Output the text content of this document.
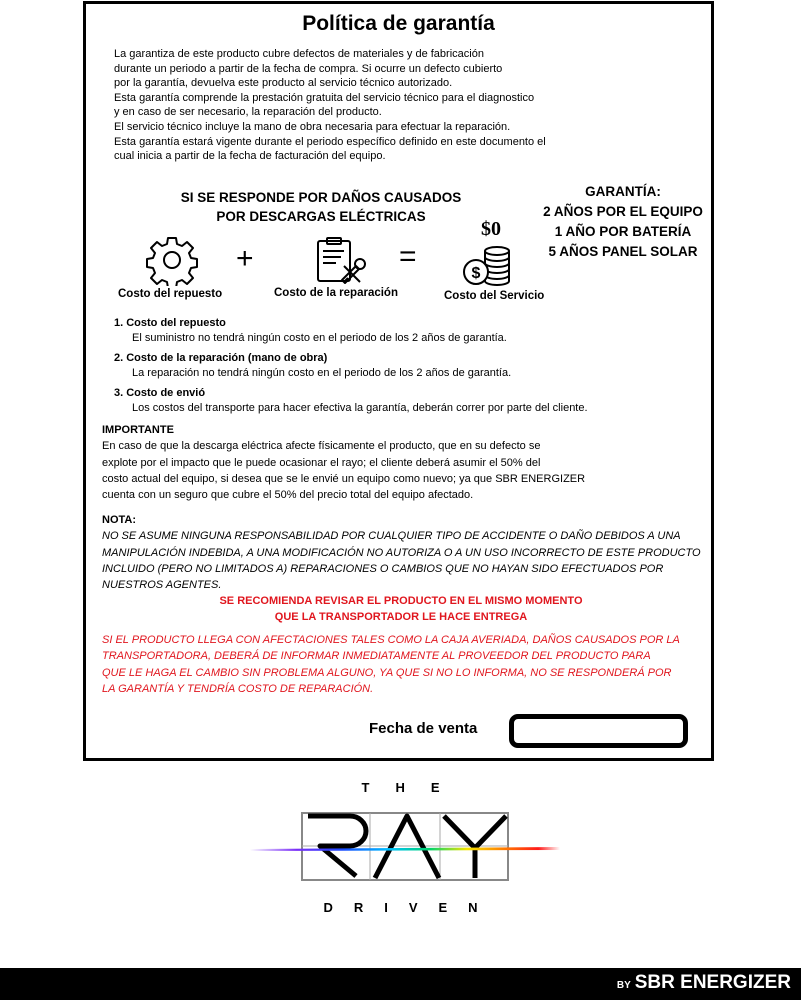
Política de garantía
La garantiza de este producto cubre defectos de materiales y de fabricación
durante un periodo a partir de la fecha de compra. Si ocurre un defecto cubierto
por la garantía, devuelva este producto al servicio técnico autorizado.
Esta garantía comprende la prestación gratuita del servicio técnico para el diagnostico
y en caso de ser necesario, la reparación del producto.
El servicio técnico incluye la mano de obra necesaria para efectuar la reparación.
Esta garantía estará vigente durante el periodo específico definido en este documento el
cual inicia a partir de la fecha de facturación del equipo.
SI SE RESPONDE POR DAÑOS CAUSADOS
POR DESCARGAS ELÉCTRICAS
GARANTÍA:
2 AÑOS POR EL EQUIPO
1 AÑO POR BATERÍA
5 AÑOS PANEL SOLAR
+	=
$0
$
Costo del repuesto	Costo de la reparación	Costo del Servicio
1. Costo del repuesto
El suministro no tendrá ningún costo en el periodo de los 2 años de garantía.
2. Costo de la reparación (mano de obra)
La reparación no tendrá ningún costo en el periodo de los 2 años de garantía.
3. Costo de envió
Los costos del transporte para hacer efectiva la garantía, deberán correr por parte del cliente.
IMPORTANTE
En caso de que la descarga eléctrica afecte físicamente el producto, que en su defecto se
explote por el impacto que le puede ocasionar el rayo; el cliente deberá asumir el 50% del
costo actual del equipo, si desea que se le envié un equipo como nuevo; ya que SBR ENERGIZER
cuenta con un seguro que cubre el 50% del precio total del equipo afectado.
NOTA:
NO SE ASUME NINGUNA RESPONSABILIDAD POR CUALQUIER TIPO DE ACCIDENTE O DAÑO DEBIDOS A UNA
MANIPULACIÓN INDEBIDA, A UNA MODIFICACIÓN NO AUTORIZA O A UN USO INCORRECTO DE ESTE PRODUCTO
INCLUIDO (PERO NO LIMITADOS A) REPARACIONES O CAMBIOS QUE NO HAYAN SIDO EFECTUADOS POR
NUESTROS AGENTES.
SE RECOMIENDA REVISAR EL PRODUCTO EN EL MISMO MOMENTO
QUE LA TRANSPORTADOR LE HACE ENTREGA
SI EL PRODUCTO LLEGA CON AFECTACIONES TALES COMO LA CAJA AVERIADA, DAÑOS CAUSADOS POR LA
TRANSPORTADORA, DEBERÁ DE INFORMAR INMEDIATAMENTE AL PROVEEDOR DEL PRODUCTO PARA
QUE LE HAGA EL CAMBIO SIN PROBLEMA ALGUNO, YA QUE SI NO LO INFORMA, NO SE RESPONDERÁ POR
LA GARANTÍA Y TENDRÍA COSTO DE REPARACIÓN.
Fecha de venta
THE
DRIVEN
BY SBR ENERGIZER
